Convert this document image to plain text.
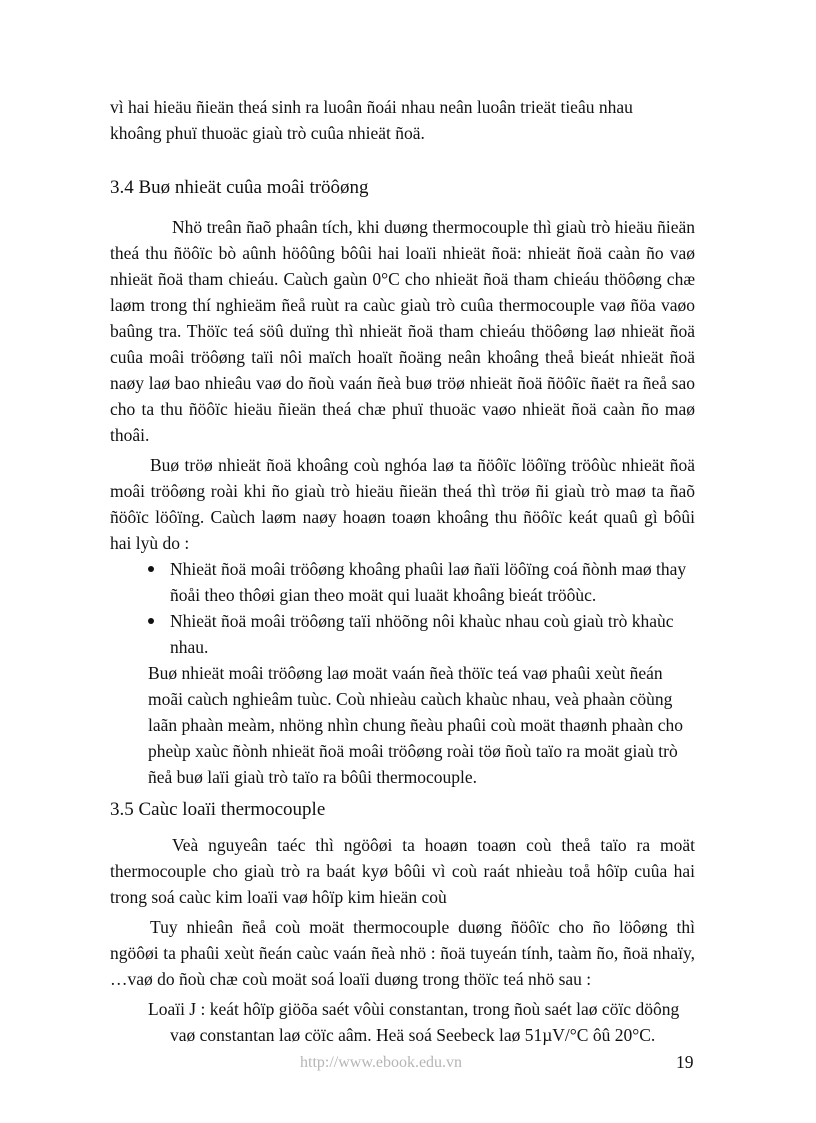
vì hai hieäu ñieän theá sinh ra luoân ñoái nhau neân luoân trieät tieâu nhau

khoâng phuï thuoäc giaù trò cuûa nhieät ñoä.

3.4 Buø nhieät cuûa moâi tröôøng

Nhö treân ñaõ phaân tích, khi duøng thermocouple thì giaù trò hieäu ñieän theá thu ñöôïc bò aûnh höôûng bôûi hai loaïi nhieät ñoä: nhieät ñoä caàn ño vaø nhieät ñoä tham chieáu. Caùch gaùn 0°C cho nhieät ñoä tham chieáu thöôøng chæ laøm trong thí nghieäm ñeå ruùt ra caùc giaù trò cuûa thermocouple vaø ñöa vaøo baûng tra. Thöïc teá söû duïng thì nhieät ñoä tham chieáu thöôøng laø nhieät ñoä cuûa moâi tröôøng taïi nôi maïch hoaït ñoäng neân khoâng theå bieát nhieät ñoä naøy laø bao nhieâu vaø do ñoù vaán ñeà buø tröø nhieät ñoä ñöôïc ñaët ra ñeå sao cho ta thu ñöôïc hieäu ñieän theá chæ phuï thuoäc vaøo nhieät ñoä caàn ño maø thoâi.

Buø tröø nhieät ñoä khoâng coù nghóa laø ta ñöôïc löôïng tröôùc nhieät ñoä moâi tröôøng roài khi ño giaù trò hieäu ñieän theá thì tröø ñi giaù trò maø ta ñaõ ñöôïc löôïng. Caùch laøm naøy hoaøn toaøn khoâng thu ñöôïc keát quaû gì bôûi hai lyù do :

Nhieät ñoä moâi tröôøng khoâng phaûi laø ñaïi löôïng coá ñònh maø thay ñoåi theo thôøi gian theo moät qui luaät khoâng bieát tröôùc.
Nhieät ñoä moâi tröôøng taïi nhöõng nôi khaùc nhau coù giaù trò khaùc nhau.

Buø nhieät moâi tröôøng laø moät vaán ñeà thöïc teá vaø phaûi xeùt ñeán moãi caùch nghieâm tuùc. Coù nhieàu caùch khaùc nhau, veà phaàn cöùng laãn phaàn meàm, nhöng nhìn chung ñeàu phaûi coù moät thaønh phaàn cho pheùp xaùc ñònh nhieät ñoä moâi tröôøng roài töø ñoù taïo ra moät giaù trò ñeå buø laïi giaù trò taïo ra bôûi thermocouple.

3.5 Caùc loaïi thermocouple

Veà nguyeân taéc thì ngöôøi ta hoaøn toaøn coù theå taïo ra moät thermocouple cho giaù trò ra baát kyø bôûi vì coù raát nhieàu toå hôïp cuûa hai trong soá caùc kim loaïi vaø hôïp kim hieän coù

Tuy nhieân ñeå coù moät thermocouple duøng ñöôïc cho ño löôøng thì ngöôøi ta phaûi xeùt ñeán caùc vaán ñeà nhö : ñoä tuyeán tính, taàm ño, ñoä nhaïy, …vaø do ñoù chæ coù moät soá loaïi duøng trong thöïc teá nhö sau :

Loaïi J : keát hôïp giöõa saét vôùi constantan, trong ñoù saét laø cöïc döông

vaø constantan laø cöïc aâm. Heä soá Seebeck laø 51µV/°C ôû 20°C.

http://www.ebook.edu.vn	19
